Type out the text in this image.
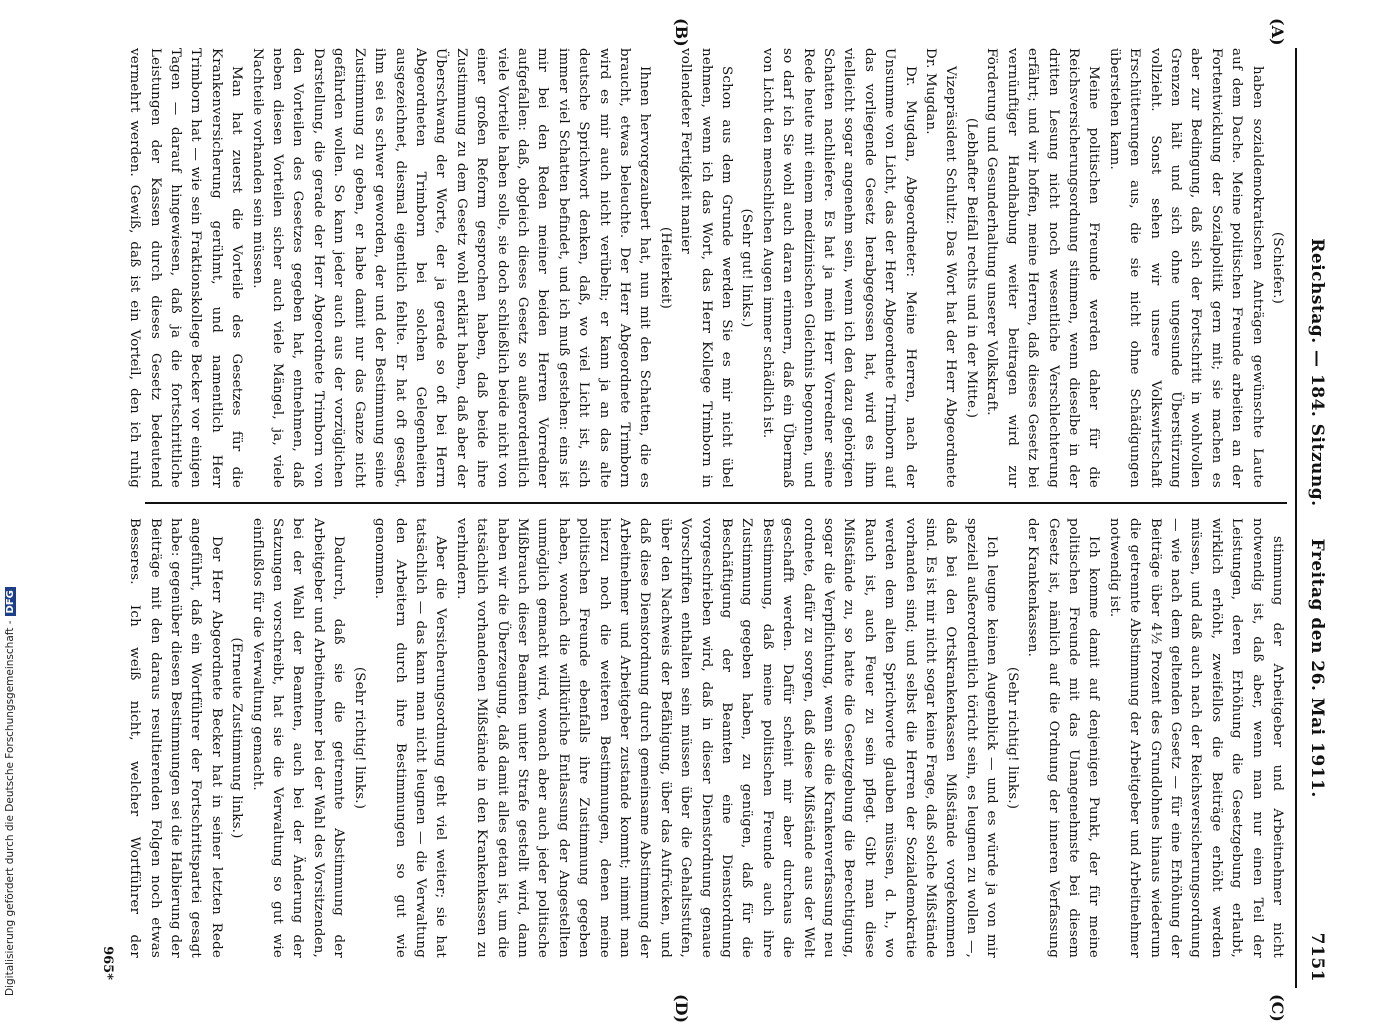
Reichstag. — 184. Sitzung.     Freitag den 26. Mai 1911.
7151
(A)
(B)
(C)
(D)

(Schiefer.)

haben sozialdemokratischen Anträgen gewünschte Laute auf dem Dache. Meine politischen Freunde arbeiten an der Fortentwicklung der Sozialpolitik gern mit; sie machen es aber zur Bedingung, daß sich der Fortschritt in wohlvollen Grenzen hält und sich ohne ungesunde Überstürzung vollzieht. Sonst sehen wir unsere Volkswirtschaft Erschütterungen aus, die sie nicht ohne Schädigungen überstehen kann.

Meine politischen Freunde werden daher für die Reichsversicherungsordnung stimmen, wenn dieselbe in der dritten Lesung nicht noch wesentliche Verschlechterung erfährt; und wir hoffen, meine Herren, daß dieses Gesetz bei vernünftiger Handhabung weiter beitragen wird zur Förderung und Gesunderhaltung unserer Volkskraft.

(Lebhafter Beifall rechts und in der Mitte.)

Vizepräsident Schultz: Das Wort hat der Herr Abgeordnete Dr. Mugdan.

Dr. Mugdan, Abgeordneter: Meine Herren, nach der Unsumme von Licht, das der Herr Abgeordnete Trimborn auf das vorliegende Gesetz herabgegossen hat, wird es ihm vielleicht sogar angenehm sein, wenn ich den dazu gehörigen Schatten nachliefere. Es hat ja mein Herr Vorredner seine Rede heute mit einem medizinischen Gleichnis begonnen, und so darf ich Sie wohl auch daran erinnern, daß ein Übermaß von Licht den menschlichen Augen immer schädlich ist.

(Sehr gut! links.)

Schon aus dem Grunde werden Sie es mir nicht übel nehmen, wenn ich das Wort, das Herr Kollege Trimborn in vollendeter Fertigkeit manier

(Heiterkeit)

Ihnen hervorgezaubert hat, nun mit den Schatten, die es braucht, etwas beleuchte. Der Herr Abgeordnete Trimborn wird es mir auch nicht verübeln; er kann ja an das alte deutsche Sprichwort denken, daß, wo viel Licht ist, sich immer viel Schatten befindet, und ich muß gestehen: eins ist mir bei den Reden meiner beiden Herren Vorredner aufgefallen: daß, obgleich dieses Gesetz so außerordentlich viele Vorteile haben solle, sie doch schließlich beide nicht von einer großen Reform gesprochen haben, daß beide ihre Zustimmung zu dem Gesetz wohl erklärt haben, daß aber der Überschwang der Worte, der ja gerade so oft bei Herrn Abgeordneten Trimborn bei solchen Gelegenheiten ausgezeichnet, diesmal eigentlich fehlte. Er hat oft gesagt, ihm sei es schwer geworden, der und der Bestimmung seine Zustimmung zu geben, er habe damit nur das Ganze nicht gefährden wollen. So kann jeder auch aus der vorzüglichen Darstellung, die gerade der Herr Abgeordnete Trimborn von den Vorteilen des Gesetzes gegeben hat, entnehmen, daß neben diesen Vorteilen sicher auch viele Mängel, ja, viele Nachteile vorhanden sein müssen.

Man hat zuerst die Vorteile des Gesetzes für die Krankenversicherung gerühmt, und namentlich Herr Trimborn hat — wie sein Fraktionskollege Becker vor einigen Tagen — darauf hingewiesen, daß ja die fortschrittliche Leistungen der Kassen durch dieses Gesetz bedeutend vermehrt werden. Gewiß, daß ist ein Vorteil, den ich ruhig

stimmung der Arbeitgeber und Arbeitnehmer nicht notwendig ist, daß aber, wenn man nur einen Teil der Leistungen, deren Erhöhung die Gesetzgebung erlaubt, wirklich erhöht, zweifellos die Beiträge erhöht werden müssen, und daß auch nach der Reichsversicherungsordnung — wie nach dem geltenden Gesetz — für eine Erhöhung der Beiträge über 4½ Prozent des Grundlohnes hinaus wiederum die getrennte Abstimmung der Arbeitgeber und Arbeitnehmer notwendig ist.

Ich komme damit auf denjenigen Punkt, der für meine politischen Freunde mit das Unangenehmste bei diesem Gesetz ist, nämlich auf die Ordnung der inneren Verfassung der Krankenkassen.

(Sehr richtig! links.)

Ich leugne keinen Augenblick — und es würde ja von mir speziell außerordentlich töricht sein, es leugnen zu wollen —, daß bei den Ortskrankenkassen Mißstände vorgekommen sind. Es ist mir nicht sogar keine Frage, daß solche Mißstände vorhanden sind; und selbst die Herren der Sozialdemokratie werden dem alten Sprichworte glauben müssen, d. h., wo Rauch ist, auch Feuer zu sein pflegt. Gibt man diese Mißstände zu, so hatte die Gesetzgebung die Berechtigung, sogar die Verpflichtung, wenn sie die Krankenverfassung neu ordnete, dafür zu sorgen, daß diese Mißstände aus der Welt geschafft werden. Dafür scheint mir aber durchaus die Bestimmung, daß meine politischen Freunde auch ihre Zustimmung gegeben haben, zu genügen, daß für die Beschäftigung der Beamten eine Dienstordnung vorgeschrieben wird, daß in dieser Dienstordnung genaue Vorschriften enthalten sein müssen über die Gehaltsstufen, über den Nachweis der Befähigung, über das Aufrücken, und daß diese Dienstordnung durch gemeinsame Abstimmung der Arbeitnehmer und Arbeitgeber zustande kommt; nimmt man hierzu noch die weiteren Bestimmungen, denen meine politischen Freunde ebenfalls ihre Zustimmung gegeben haben, wonach die willkürliche Entlassung der Angestellten unmöglich gemacht wird, wonach aber auch jeder politische Mißbrauch dieser Beamten unter Strafe gestellt wird, dann haben wir die Überzeugung, daß damit alles getan ist, um die tatsächlich vorhandenen Mißstände in den Krankenkassen zu verhindern.

Aber die Versicherungsordnung geht viel weiter; sie hat tatsächlich — das kann man nicht leugnen — die Verwaltung den Arbeitern durch ihre Bestimmungen so gut wie genommen.

(Sehr richtig! links.)

Dadurch, daß sie die getrennte Abstimmung der Arbeitgeber und Arbeitnehmer bei der Wahl des Vorsitzenden, bei der Wahl der Beamten, auch bei der Änderung der Satzungen vorschreibt, hat sie die Verwaltung so gut wie einflußlos für die Verwaltung gemacht.

(Erneute Zustimmung links.)

Der Herr Abgeordnete Becker hat in seiner letzten Rede angeführt, daß ein Wortführer der Fortschrittspartei gesagt habe: gegenüber diesen Bestimmungen sei die Halbierung der Beiträge mit den daraus resultierenden Folgen noch etwas Besseres. Ich weiß nicht, welcher Wortführer der

965*
Digitalisierung gefördert durch die Deutsche Forschungsgemeinschaft -DFG
